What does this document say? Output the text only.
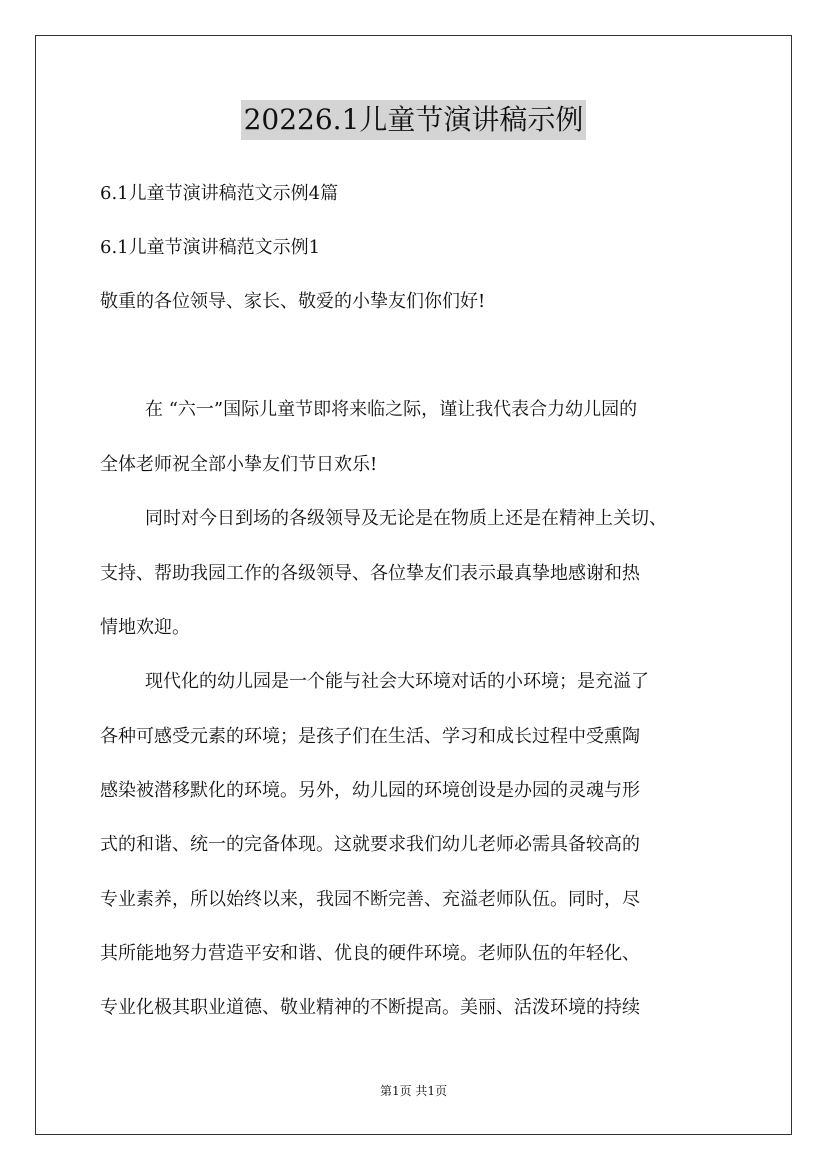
20226.1儿童节演讲稿示例
6.1儿童节演讲稿范文示例4篇
6.1儿童节演讲稿范文示例1
敬重的各位领导、家长、敬爱的小挚友们你们好!
在 “六一”国际儿童节即将来临之际，谨让我代表合力幼儿园的
全体老师祝全部小挚友们节日欢乐!
同时对今日到场的各级领导及无论是在物质上还是在精神上关切、
支持、帮助我园工作的各级领导、各位挚友们表示最真挚地感谢和热
情地欢迎。
现代化的幼儿园是一个能与社会大环境对话的小环境；是充溢了
各种可感受元素的环境；是孩子们在生活、学习和成长过程中受熏陶
感染被潜移默化的环境。另外，幼儿园的环境创设是办园的灵魂与形
式的和谐、统一的完备体现。这就要求我们幼儿老师必需具备较高的
专业素养，所以始终以来，我园不断完善、充溢老师队伍。同时，尽
其所能地努力营造平安和谐、优良的硬件环境。老师队伍的年轻化、
专业化极其职业道德、敬业精神的不断提高。美丽、活泼环境的持续
第1页 共1页
